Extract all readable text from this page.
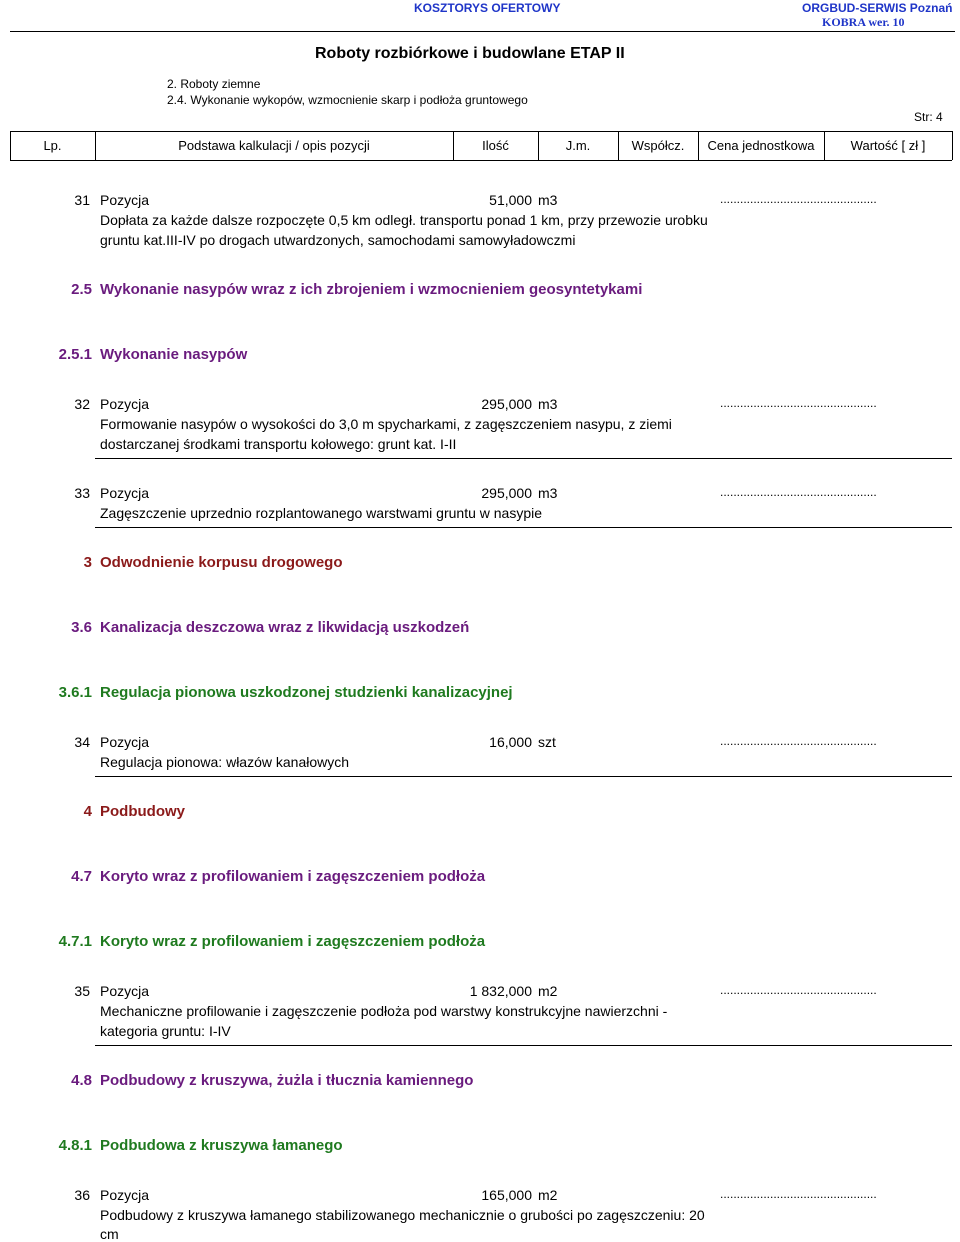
KOSZTORYS OFERTOWY	ORGBUD-SERWIS Poznań
KOBRA wer. 10
Roboty rozbiórkowe i budowlane ETAP II
2. Roboty ziemne
2.4. Wykonanie wykopów, wzmocnienie skarp i podłoża gruntowego
Str: 4
Lp.	Podstawa kalkulacji / opis pozycji	Ilość	J.m.	Współcz.	Cena jednostkowa	Wartość [ zł ]
31 Pozycja	51,000 m3	...............................................
Dopłata za każde dalsze rozpoczęte 0,5 km odległ. transportu ponad 1 km, przy przewozie urobku
gruntu kat.III-IV po drogach utwardzonych, samochodami samowyładowczmi
2.5 Wykonanie nasypów wraz z ich zbrojeniem i wzmocnieniem geosyntetykami
2.5.1 Wykonanie nasypów
32 Pozycja	295,000 m3	...............................................
Formowanie nasypów o wysokości do 3,0 m spycharkami, z zagęszczeniem nasypu, z ziemi
dostarczanej środkami transportu kołowego: grunt kat. I-II
33 Pozycja	295,000 m3	...............................................
Zagęszczenie uprzednio rozplantowanego warstwami gruntu w nasypie
3 Odwodnienie korpusu drogowego
3.6 Kanalizacja deszczowa wraz z likwidacją uszkodzeń
3.6.1 Regulacja pionowa uszkodzonej studzienki kanalizacyjnej
34 Pozycja	16,000 szt	...............................................
Regulacja pionowa: włazów kanałowych
4 Podbudowy
4.7 Koryto wraz z profilowaniem i zagęszczeniem podłoża
4.7.1 Koryto wraz z profilowaniem i zagęszczeniem podłoża
35 Pozycja	1 832,000 m2	...............................................
Mechaniczne profilowanie i zagęszczenie podłoża pod warstwy konstrukcyjne nawierzchni -
kategoria gruntu: I-IV
4.8 Podbudowy z kruszywa, żużla i tłucznia kamiennego
4.8.1 Podbudowa z kruszywa łamanego
36 Pozycja	165,000 m2	...............................................
Podbudowy z kruszywa łamanego stabilizowanego mechanicznie o grubości po zagęszczeniu: 20
cm
